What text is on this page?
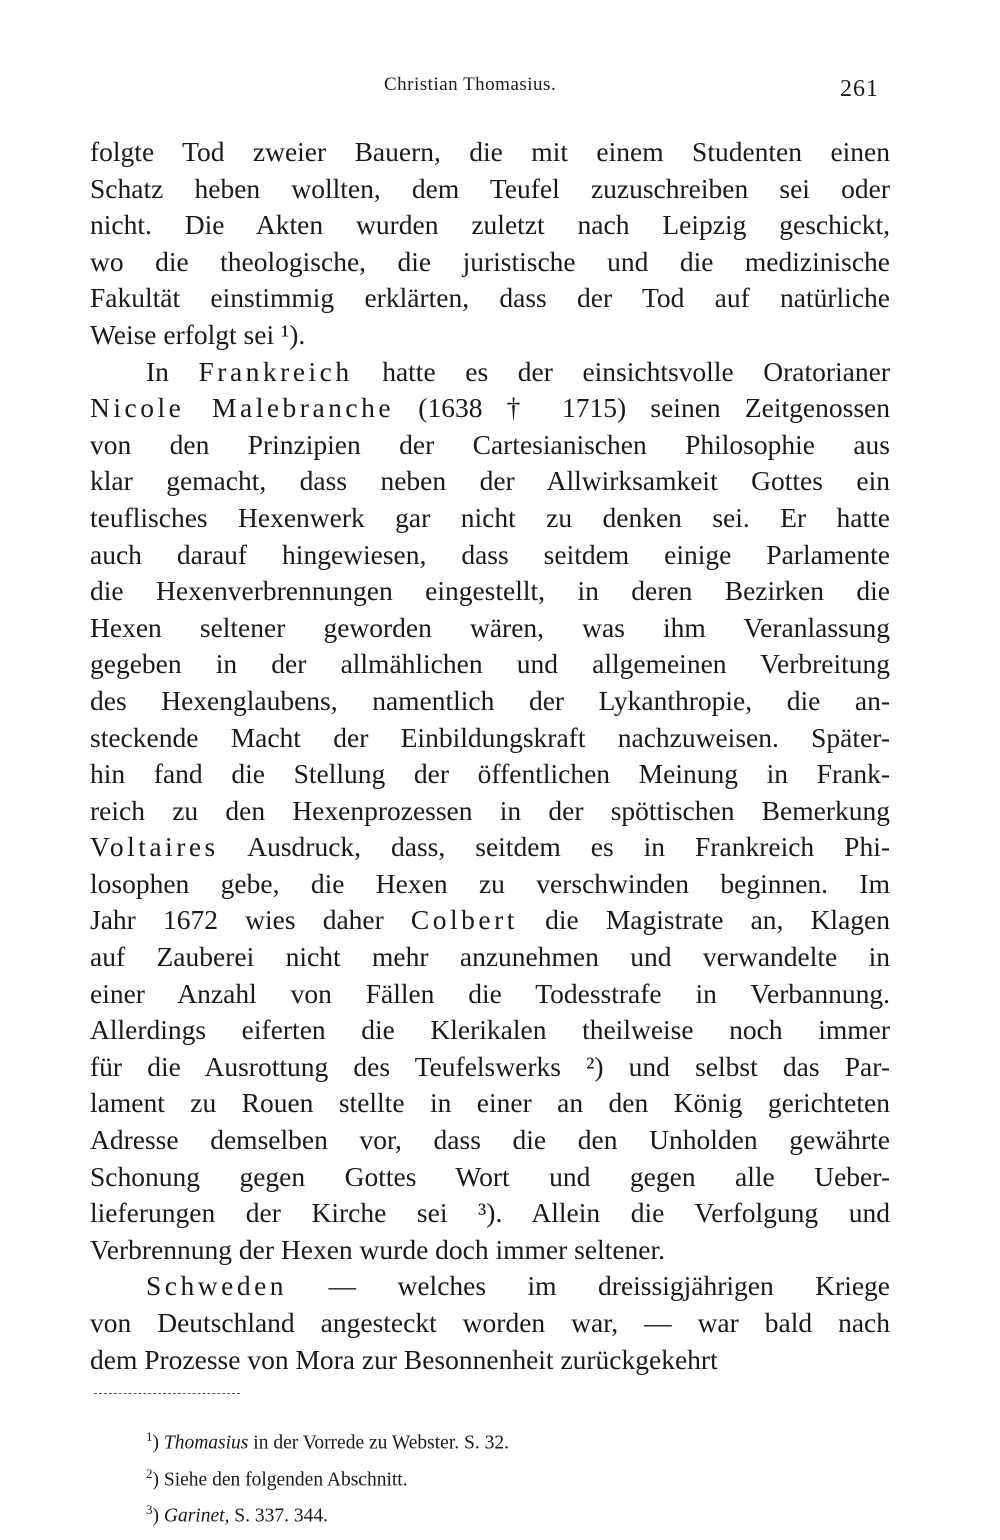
Christian Thomasius.	261
folgte Tod zweier Bauern, die mit einem Studenten einen
Schatz heben wollten, dem Teufel zuzuschreiben sei oder
nicht. Die Akten wurden zuletzt nach Leipzig geschickt,
wo die theologische, die juristische und die medizinische
Fakultät einstimmig erklärten, dass der Tod auf natürliche
Weise erfolgt sei ¹).
In Frankreich hatte es der einsichtsvolle Oratorianer
Nicole Malebranche (1638 † 1715) seinen Zeitgenossen
von den Prinzipien der Cartesianischen Philosophie aus
klar gemacht, dass neben der Allwirksamkeit Gottes ein
teuflisches Hexenwerk gar nicht zu denken sei. Er hatte
auch darauf hingewiesen, dass seitdem einige Parlamente
die Hexenverbrennungen eingestellt, in deren Bezirken die
Hexen seltener geworden wären, was ihm Veranlassung
gegeben in der allmählichen und allgemeinen Verbreitung
des Hexenglaubens, namentlich der Lykanthropie, die an-
steckende Macht der Einbildungskraft nachzuweisen. Später-
hin fand die Stellung der öffentlichen Meinung in Frank-
reich zu den Hexenprozessen in der spöttischen Bemerkung
Voltaires Ausdruck, dass, seitdem es in Frankreich Phi-
losophen gebe, die Hexen zu verschwinden beginnen. Im
Jahr 1672 wies daher Colbert die Magistrate an, Klagen
auf Zauberei nicht mehr anzunehmen und verwandelte in
einer Anzahl von Fällen die Todesstrafe in Verbannung.
Allerdings eiferten die Klerikalen theilweise noch immer
für die Ausrottung des Teufelswerks ²) und selbst das Par-
lament zu Rouen stellte in einer an den König gerichteten
Adresse demselben vor, dass die den Unholden gewährte
Schonung gegen Gottes Wort und gegen alle Ueber-
lieferungen der Kirche sei ³). Allein die Verfolgung und
Verbrennung der Hexen wurde doch immer seltener.
Schweden — welches im dreissigjährigen Kriege
von Deutschland angesteckt worden war, — war bald nach
dem Prozesse von Mora zur Besonnenheit zurückgekehrt
$^1$) Thomasius in der Vorrede zu Webster. S. 32.
$^2$) Siehe den folgenden Abschnitt.
$^3$) Garinet, S. 337. 344.
